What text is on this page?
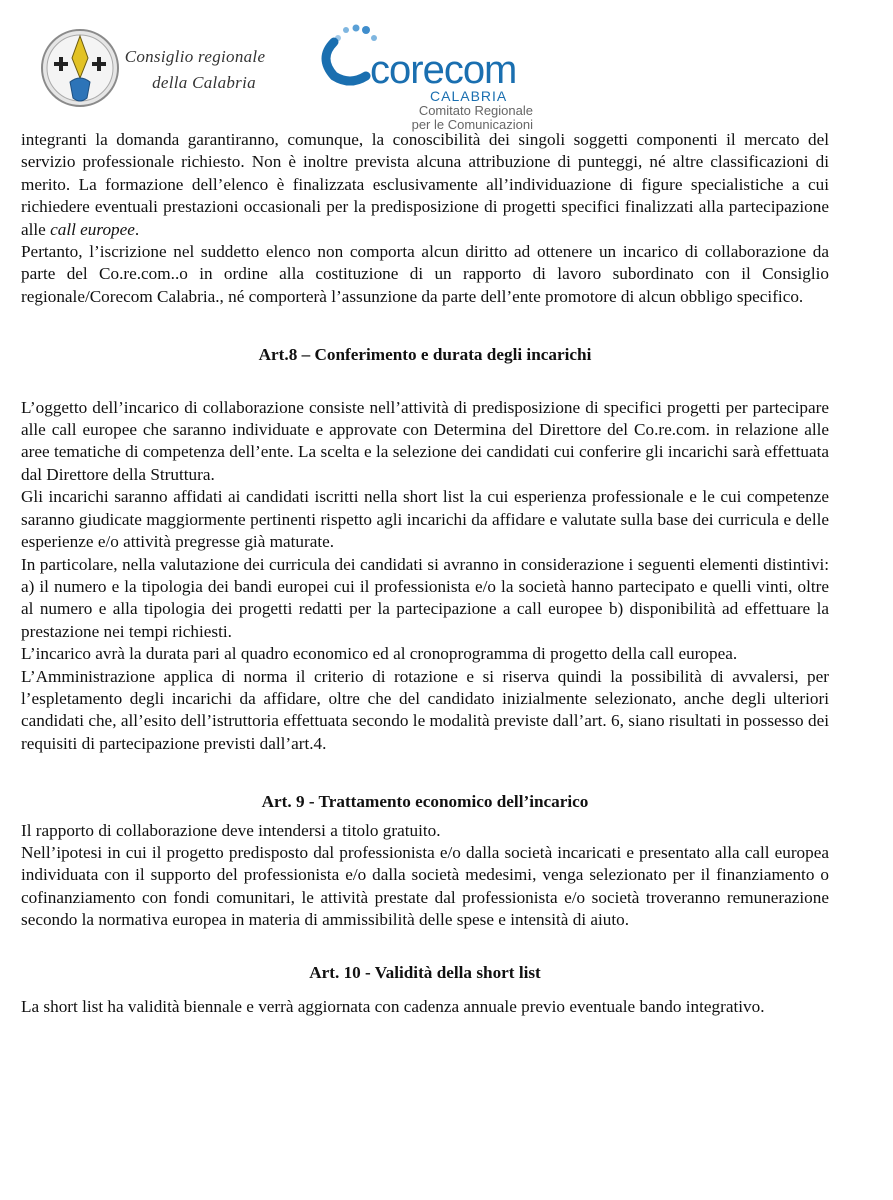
Consiglio regionale

della Calabria	corecom
CALABRIA
Comitato Regionale
per le Comunicazioni

integranti la domanda garantiranno, comunque, la conoscibilità dei singoli soggetti componenti il mercato del servizio professionale richiesto. Non è inoltre prevista alcuna attribuzione di punteggi, né altre classificazioni di merito. La formazione dell’elenco è finalizzata esclusivamente all’individuazione di figure specialistiche a cui richiedere eventuali prestazioni occasionali per la predisposizione di progetti specifici finalizzati alla partecipazione alle call europee.

Pertanto, l’iscrizione nel suddetto elenco non comporta alcun diritto ad ottenere un incarico di collaborazione da parte del Co.re.com..o in ordine alla costituzione di un rapporto di lavoro subordinato con il Consiglio regionale/Corecom Calabria., né comporterà l’assunzione da parte dell’ente promotore di alcun obbligo specifico.

Art.8 – Conferimento e durata degli incarichi

L’oggetto dell’incarico di collaborazione consiste nell’attività di predisposizione di specifici progetti per partecipare alle call europee che saranno individuate e approvate con Determina del Direttore del Co.re.com. in relazione alle aree tematiche di competenza dell’ente. La scelta e la selezione dei candidati cui conferire gli incarichi sarà effettuata dal Direttore della Struttura.

Gli incarichi saranno affidati ai candidati iscritti nella short list la cui esperienza professionale e le cui competenze saranno giudicate maggiormente pertinenti rispetto agli incarichi da affidare e valutate sulla base dei curricula e delle esperienze e/o attività pregresse già maturate.

In particolare, nella valutazione dei curricula dei candidati si avranno in considerazione i seguenti elementi distintivi: a) il numero e la tipologia dei bandi europei cui il professionista e/o la società hanno partecipato e quelli vinti, oltre al numero e alla tipologia dei progetti redatti per la partecipazione a call europee b) disponibilità ad effettuare la prestazione nei tempi richiesti.

L’incarico avrà la durata pari al quadro economico ed al cronoprogramma di progetto della call europea.

L’Amministrazione applica di norma il criterio di rotazione e si riserva quindi la possibilità di avvalersi, per l’espletamento degli incarichi da affidare, oltre che del candidato inizialmente selezionato, anche degli ulteriori candidati che, all’esito dell’istruttoria effettuata secondo le modalità previste dall’art. 6, siano risultati in possesso dei requisiti di partecipazione previsti dall’art.4.

Art. 9 - Trattamento economico dell’incarico

Il rapporto di collaborazione deve intendersi a titolo gratuito.

Nell’ipotesi in cui il progetto predisposto dal professionista e/o dalla società incaricati e presentato alla call europea individuata con il supporto del professionista e/o dalla società medesimi, venga selezionato per il finanziamento o cofinanziamento con fondi comunitari, le attività prestate dal professionista e/o società troveranno remunerazione secondo la normativa europea in materia di ammissibilità delle spese e intensità di aiuto.

Art. 10 - Validità della short list

La short list ha validità biennale e verrà aggiornata con cadenza annuale previo eventuale bando integrativo.
